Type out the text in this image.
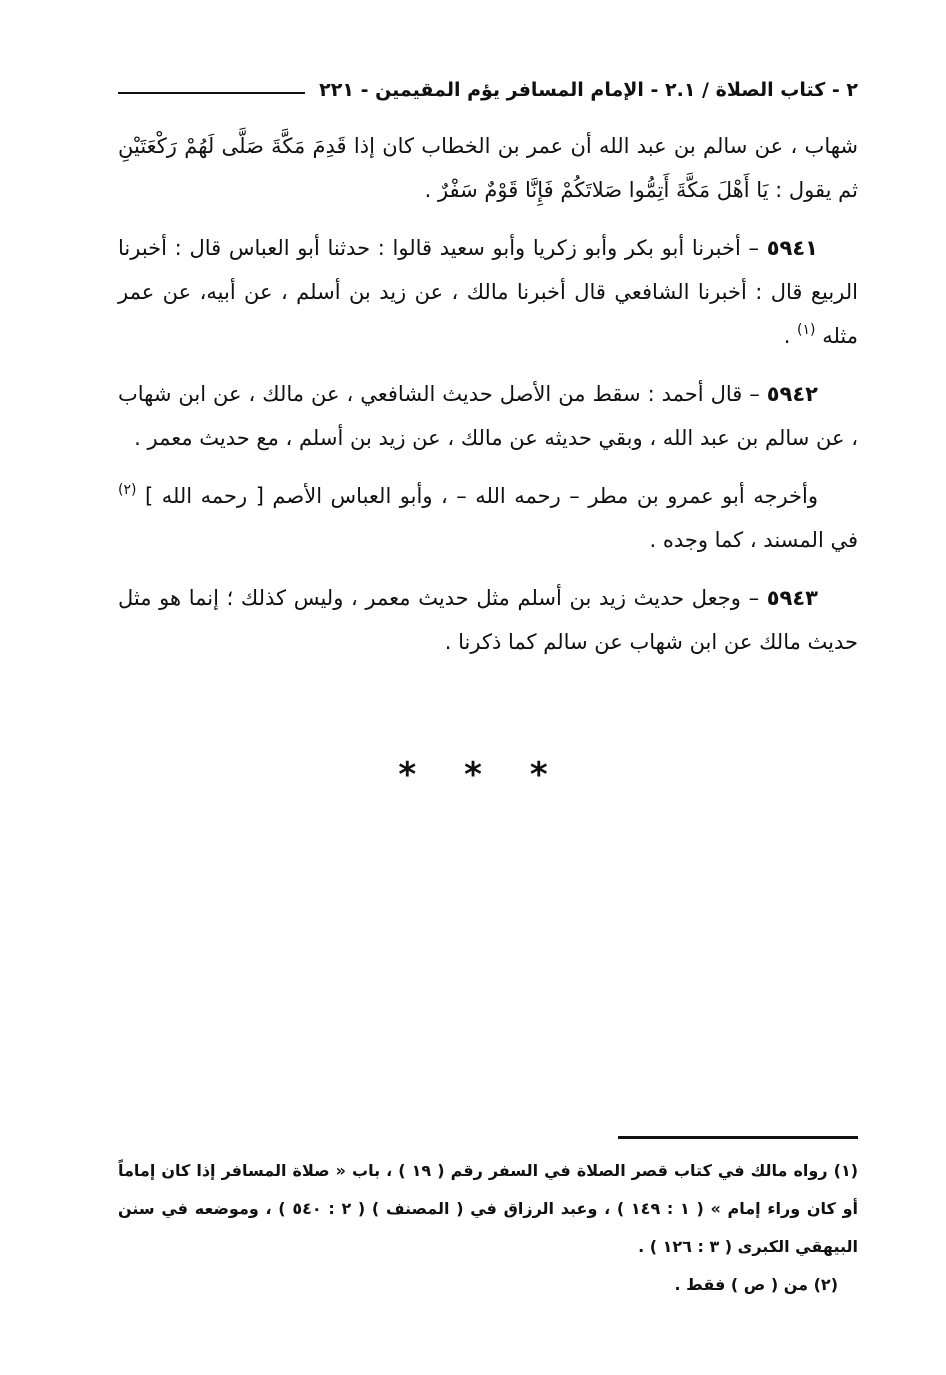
٢ - كتاب الصلاة / ٢.١ - الإمام المسافر يؤم المقيمين - ٢٢١

شهاب ، عن سالم بن عبد الله أن عمر بن الخطاب كان إذا قَدِمَ مَكَّةَ صَلَّى لَهُمْ رَكْعَتَيْنِ ثم يقول : يَا أَهْلَ مَكَّةَ أَتِمُّوا صَلاتَكُمْ فَإِنَّا قَوْمٌ سَفْرٌ .

٥٩٤١ – أخبرنا أبو بكر وأبو زكريا وأبو سعيد قالوا : حدثنا أبو العباس قال : أخبرنا الربيع قال : أخبرنا الشافعي قال أخبرنا مالك ، عن زيد بن أسلم ، عن أبيه، عن عمر مثله $^{(١)}$ .

٥٩٤٢ – قال أحمد : سقط من الأصل حديث الشافعي ، عن مالك ، عن ابن شهاب ، عن سالم بن عبد الله ، وبقي حديثه عن مالك ، عن زيد بن أسلم ، مع حديث معمر .

وأخرجه أبو عمرو بن مطر – رحمه الله – ، وأبو العباس الأصم [ رحمه الله ] $^{(٢)}$ في المسند ، كما وجده .

٥٩٤٣ – وجعل حديث زيد بن أسلم مثل حديث معمر ، وليس كذلك ؛ إنما هو مثل حديث مالك عن ابن شهاب عن سالم كما ذكرنا .

* * *

(١) رواه مالك في كتاب قصر الصلاة في السفر رقم ( ١٩ ) ، باب « صلاة المسافر إذا كان إماماً أو كان وراء إمام » ( ١ : ١٤٩ ) ، وعبد الرزاق في ( المصنف ) ( ٢ : ٥٤٠ ) ، وموضعه في سنن البيهقي الكبرى ( ٣ : ١٢٦ ) .

(٢) من ( ص ) فقط .
